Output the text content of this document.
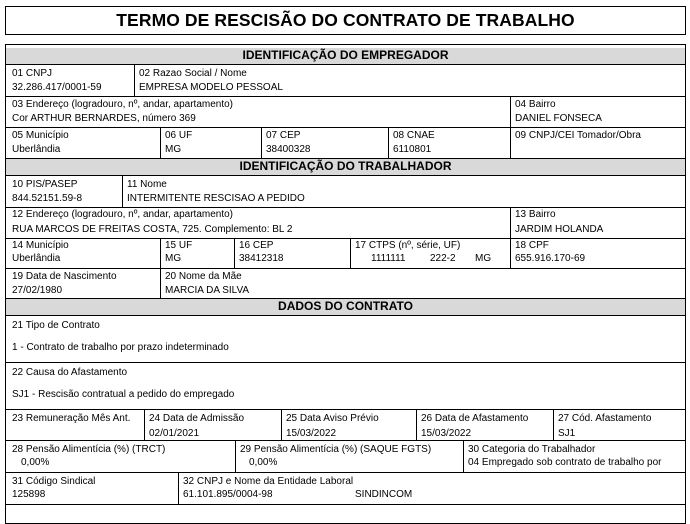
TERMO DE RESCISÃO DO CONTRATO DE TRABALHO
IDENTIFICAÇÃO DO EMPREGADOR
01 CNPJ
32.286.417/0001-59
02 Razao Social / Nome
EMPRESA MODELO PESSOAL
03 Endereço (logradouro, nº, andar, apartamento)
Cor ARTHUR BERNARDES, número 369
04 Bairro
DANIEL FONSECA
05 Município
Uberlândia
06 UF
MG
07 CEP
38400328
08 CNAE
6110801
09 CNPJ/CEI Tomador/Obra
IDENTIFICAÇÃO DO TRABALHADOR
10 PIS/PASEP
844.52151.59-8
11 Nome
INTERMITENTE RESCISAO A PEDIDO
12 Endereço (logradouro, nº, andar, apartamento)
RUA MARCOS DE FREITAS COSTA, 725. Complemento: BL 2
13 Bairro
JARDIM HOLANDA
14 Município
Uberlândia
15 UF
MG
16 CEP
38412318
17 CTPS (nº, série, UF)
1111111 222-2 MG
18 CPF
655.916.170-69
19 Data de Nascimento
27/02/1980
20 Nome da Mãe
MARCIA DA SILVA
DADOS DO CONTRATO
21 Tipo de Contrato
1 - Contrato de trabalho por prazo indeterminado
22 Causa do Afastamento
SJ1 - Rescisão contratual a pedido do empregado
23 Remuneração Mês Ant. 24 Data de Admissão
02/01/2021
25 Data Aviso Prévio
15/03/2022
26 Data de Afastamento
15/03/2022
27 Cód. Afastamento
SJ1
28 Pensão Alimentícia (%) (TRCT)
0,00%
29 Pensão Alimentícia (%) (SAQUE FGTS)
0,00%
30 Categoria do Trabalhador
04 Empregado sob contrato de trabalho por
31 Código Sindical
125898
32 CNPJ e Nome da Entidade Laboral
61.101.895/0004-98	SINDINCOM
